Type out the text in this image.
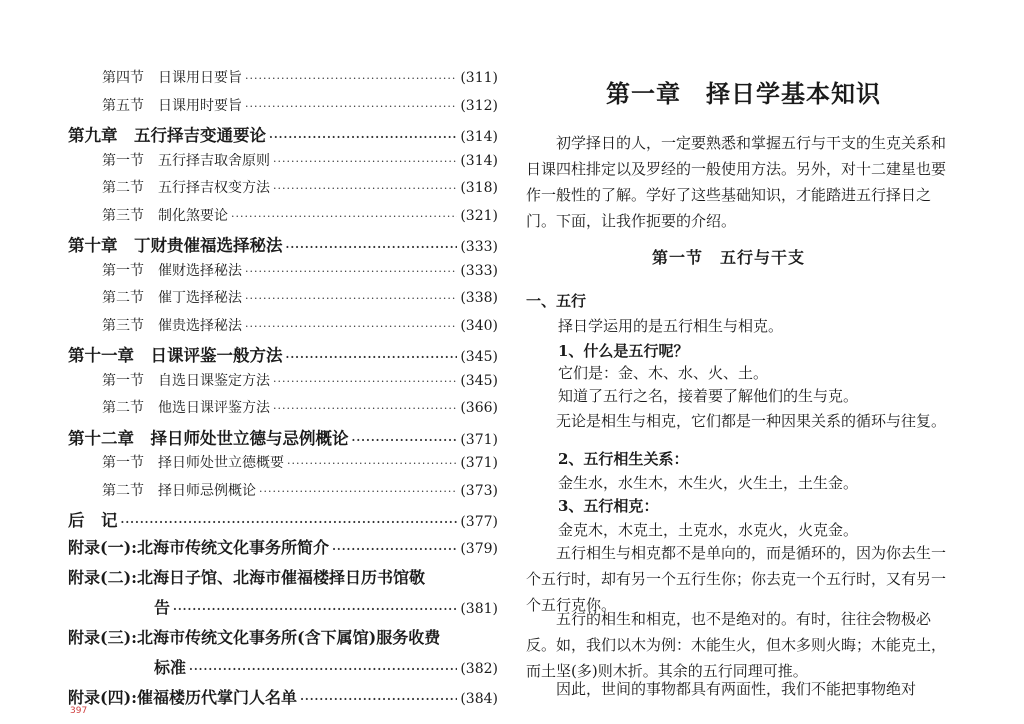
第四节　日课用日要旨 ·····	(311)
第五节　日课用时要旨 ·····	(312)
第九章　五行择吉变通要论 ·····	(314)
第一节　五行择吉取舍原则 ·····	(314)
第二节　五行择吉权变方法 ·····	(318)
第三节　制化煞要论 ·····	(321)
第十章　丁财贵催福选择秘法 ·····	(333)
第一节　催财选择秘法 ·····	(333)
第二节　催丁选择秘法 ·····	(338)
第三节　催贵选择秘法 ·····	(340)
第十一章　日课评鉴一般方法 ·····	(345)
第一节　自选日课鉴定方法 ·····	(345)
第二节　他选日课评鉴方法 ·····	(366)
第十二章　择日师处世立德与忌例概论 ·····	(371)
第一节　择日师处世立德概要 ·····	(371)
第二节　择日师忌例概论 ·····	(373)
后　记 ·····	(377)
附录(一):北海市传统文化事务所简介 ·····	(379)
附录(二):北海日子馆、北海市催福楼择日历书馆敬
告 ·····	(381)
附录(三):北海市传统文化事务所(含下属馆)服务收费
标准 ·····	(382)
附录(四):催福楼历代掌门人名单 ·····	(384)
397
第一章　择日学基本知识
初学择日的人，一定要熟悉和掌握五行与干支的生克关系和日课四柱排定以及罗经的一般使用方法。另外，对十二建星也要作一般性的了解。学好了这些基础知识，才能踏进五行择日之门。下面，让我作扼要的介绍。
第一节　五行与干支
一、五行
择日学运用的是五行相生与相克。
1、什么是五行呢？
它们是：金、木、水、火、土。
知道了五行之名，接着要了解他们的生与克。
无论是相生与相克，它们都是一种因果关系的循环与往复。
2、五行相生关系：
金生水，水生木，木生火，火生土，土生金。
3、五行相克：
金克木，木克土，土克水，水克火，火克金。
五行相生与相克都不是单向的，而是循环的，因为你去生一个五行时，却有另一个五行生你；你去克一个五行时，又有另一个五行克你。
五行的相生和相克，也不是绝对的。有时，往往会物极必反。如，我们以木为例：木能生火，但木多则火晦；木能克土，而土坚(多)则木折。其余的五行同理可推。
因此，世间的事物都具有两面性，我们不能把事物绝对
